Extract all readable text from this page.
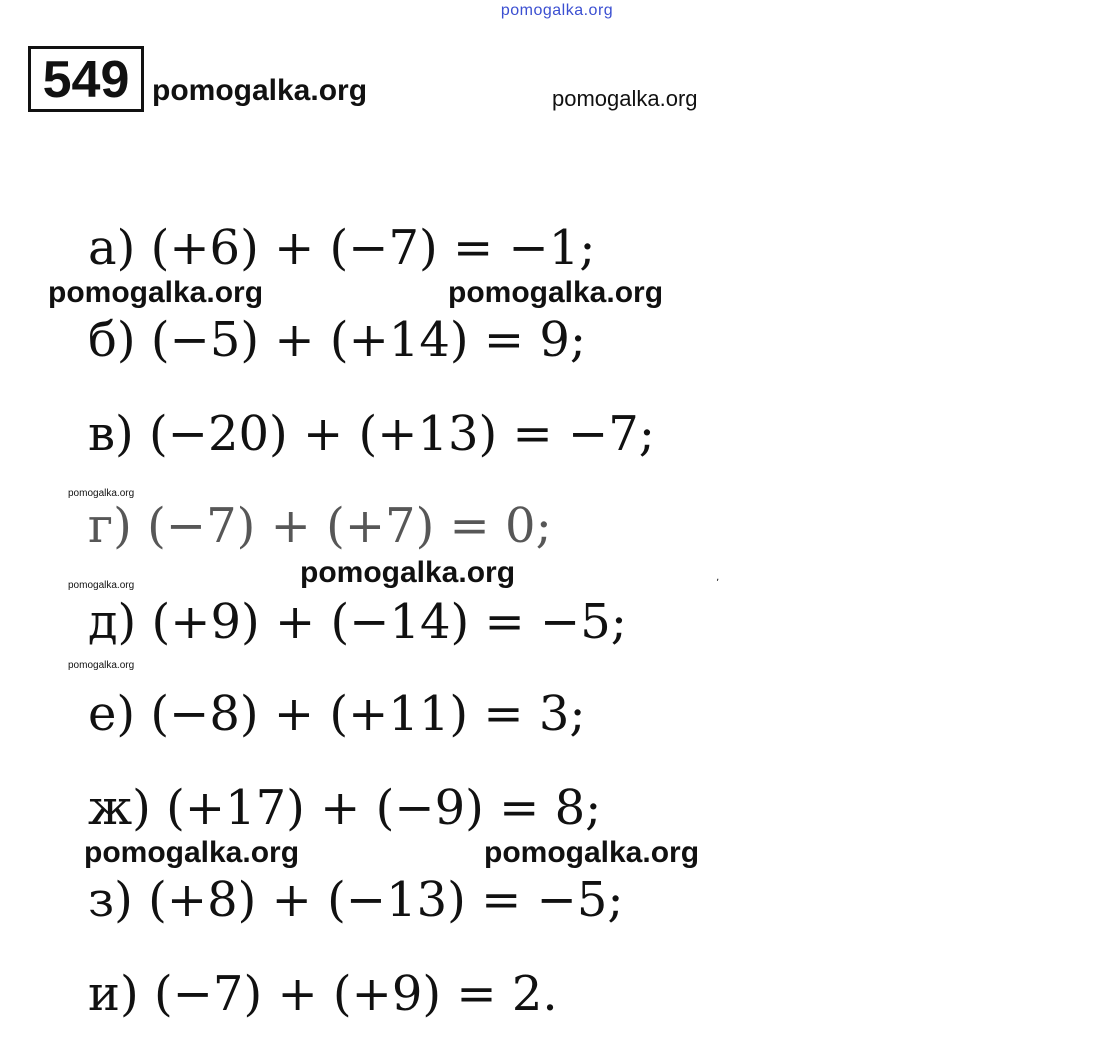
pomogalka.org
549 pomogalka.org	pomogalka.org
а) (+6) + (−7) = −1;
pomogalka.org	pomogalka.org
б) (−5) + (+14) = 9;
в) (−20) + (+13) = −7;
pomogalka.org
г) (−7) + (+7) = 0;
pomogalka.org
pomogalka.org	ʼ
д) (+9) + (−14) = −5;
pomogalka.org
е) (−8) + (+11) = 3;
ж) (+17) + (−9) = 8;
pomogalka.org	pomogalka.org
з) (+8) + (−13) = −5;
и) (−7) + (+9) = 2.
